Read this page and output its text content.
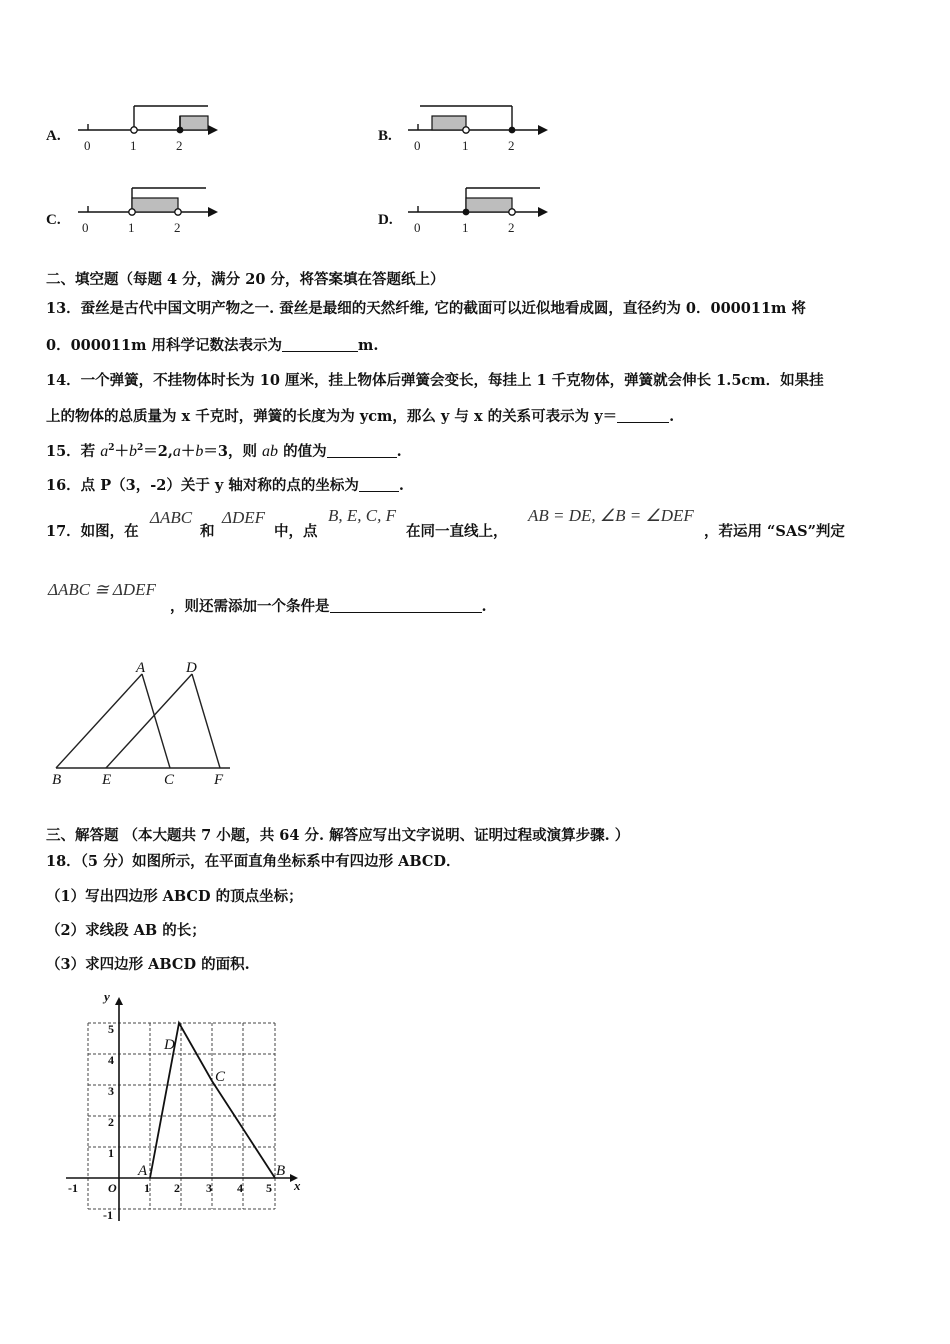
A.
0	1	2
B.
0	1	2
C. 0	1	2	D. 0	1	2
二、填空题（每题 4 分，满分 20 分，将答案填在答题纸上）
13．蚕丝是古代中国文明产物之一. 蚕丝是最细的天然纤维, 它的截面可以近似地看成圆，直径约为 0．000011m 将
0．000011m 用科学记数法表示为	m.
14．一个弹簧，不挂物体时长为 10 厘米，挂上物体后弹簧会变长，每挂上 1 千克物体，弹簧就会伸长 1.5cm．如果挂
上的物体的总质量为 x 千克时，弹簧的长度为为 ycm，那么 y 与 x 的关系可表示为 y＝	.
15．若 $a^2+b^2=2,a+b=3$，则 ab 的值为	.
16．点 P（3，-2）关于 y 轴对称的点的坐标为	.
17．如图，在
ΔABC
和
ΔDEF
中，点
B, E, C, F
在同一直线上，
AB = DE, ∠B = ∠DEF
，若运用 “SAS”判定
ΔABC ≅ ΔDEF
，则还需添加一个条件是	.
A	D
B	E	C	F
三、解答题 （本大题共 7 小题，共 64 分. 解答应写出文字说明、证明过程或演算步骤. ）
18．（5 分）如图所示，在平面直角坐标系中有四边形 ABCD．
（1）写出四边形 ABCD 的顶点坐标；
（2）求线段 AB 的长；
（3）求四边形 ABCD 的面积.
y
x
O
-1	1 2 3 4 5
5
4
3
2
1
-1
A	B
C
D
